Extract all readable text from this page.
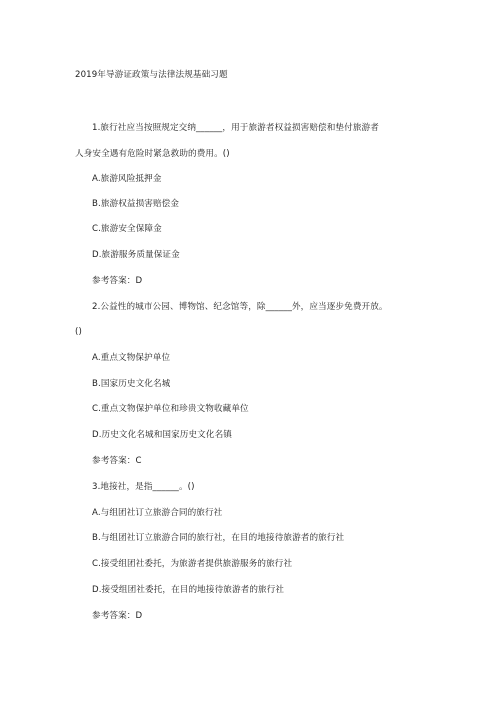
2019年导游证政策与法律法规基础习题
1.旅行社应当按照规定交纳______，用于旅游者权益损害赔偿和垫付旅游者
人身安全遇有危险时紧急救助的费用。()
A.旅游风险抵押金
B.旅游权益损害赔偿金
C.旅游安全保障金
D.旅游服务质量保证金
参考答案：D
2.公益性的城市公园、博物馆、纪念馆等，除______外，应当逐步免费开放。
()
A.重点文物保护单位
B.国家历史文化名城
C.重点文物保护单位和珍贵文物收藏单位
D.历史文化名城和国家历史文化名镇
参考答案：C
3.地接社，是指______。()
A.与组团社订立旅游合同的旅行社
B.与组团社订立旅游合同的旅行社，在目的地接待旅游者的旅行社
C.接受组团社委托，为旅游者提供旅游服务的旅行社
D.接受组团社委托，在目的地接待旅游者的旅行社
参考答案：D
